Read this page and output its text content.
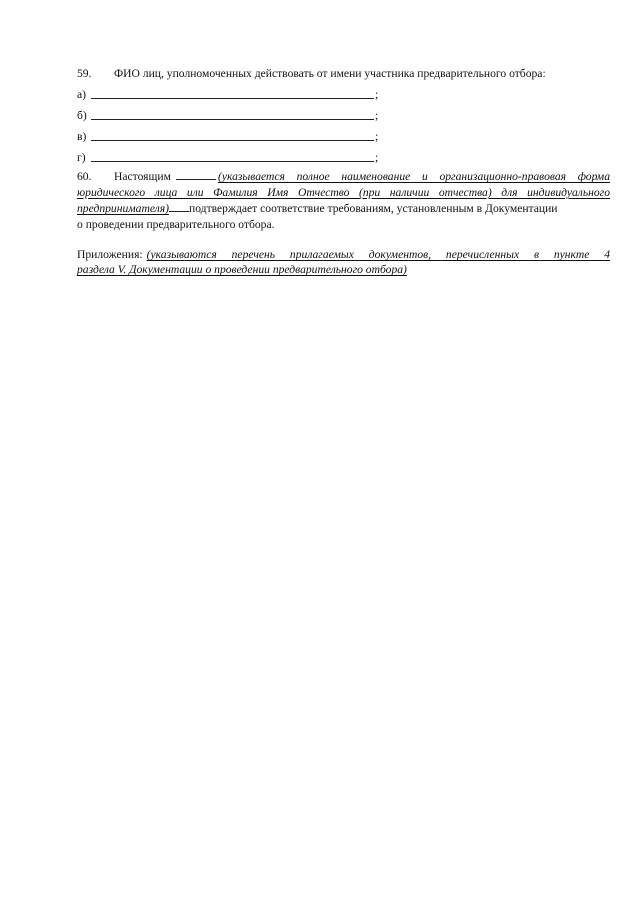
59.	ФИО лиц, уполномоченных действовать от имени участника предварительного отбора:
а)	;
б)	;
в)	;
г)	;
60.	Настоящим	(указывается полное наименование и организационно-правовая форма
юридического лица или Фамилия Имя Отчество (при наличии отчества) для индивидуального
предпринимателя) подтверждает соответствие требованиям, установленным в Документации
о проведении предварительного отбора.
Приложения: (указываются перечень прилагаемых документов, перечисленных в пункте 4
раздела V. Документации о проведении предварительного отбора)
